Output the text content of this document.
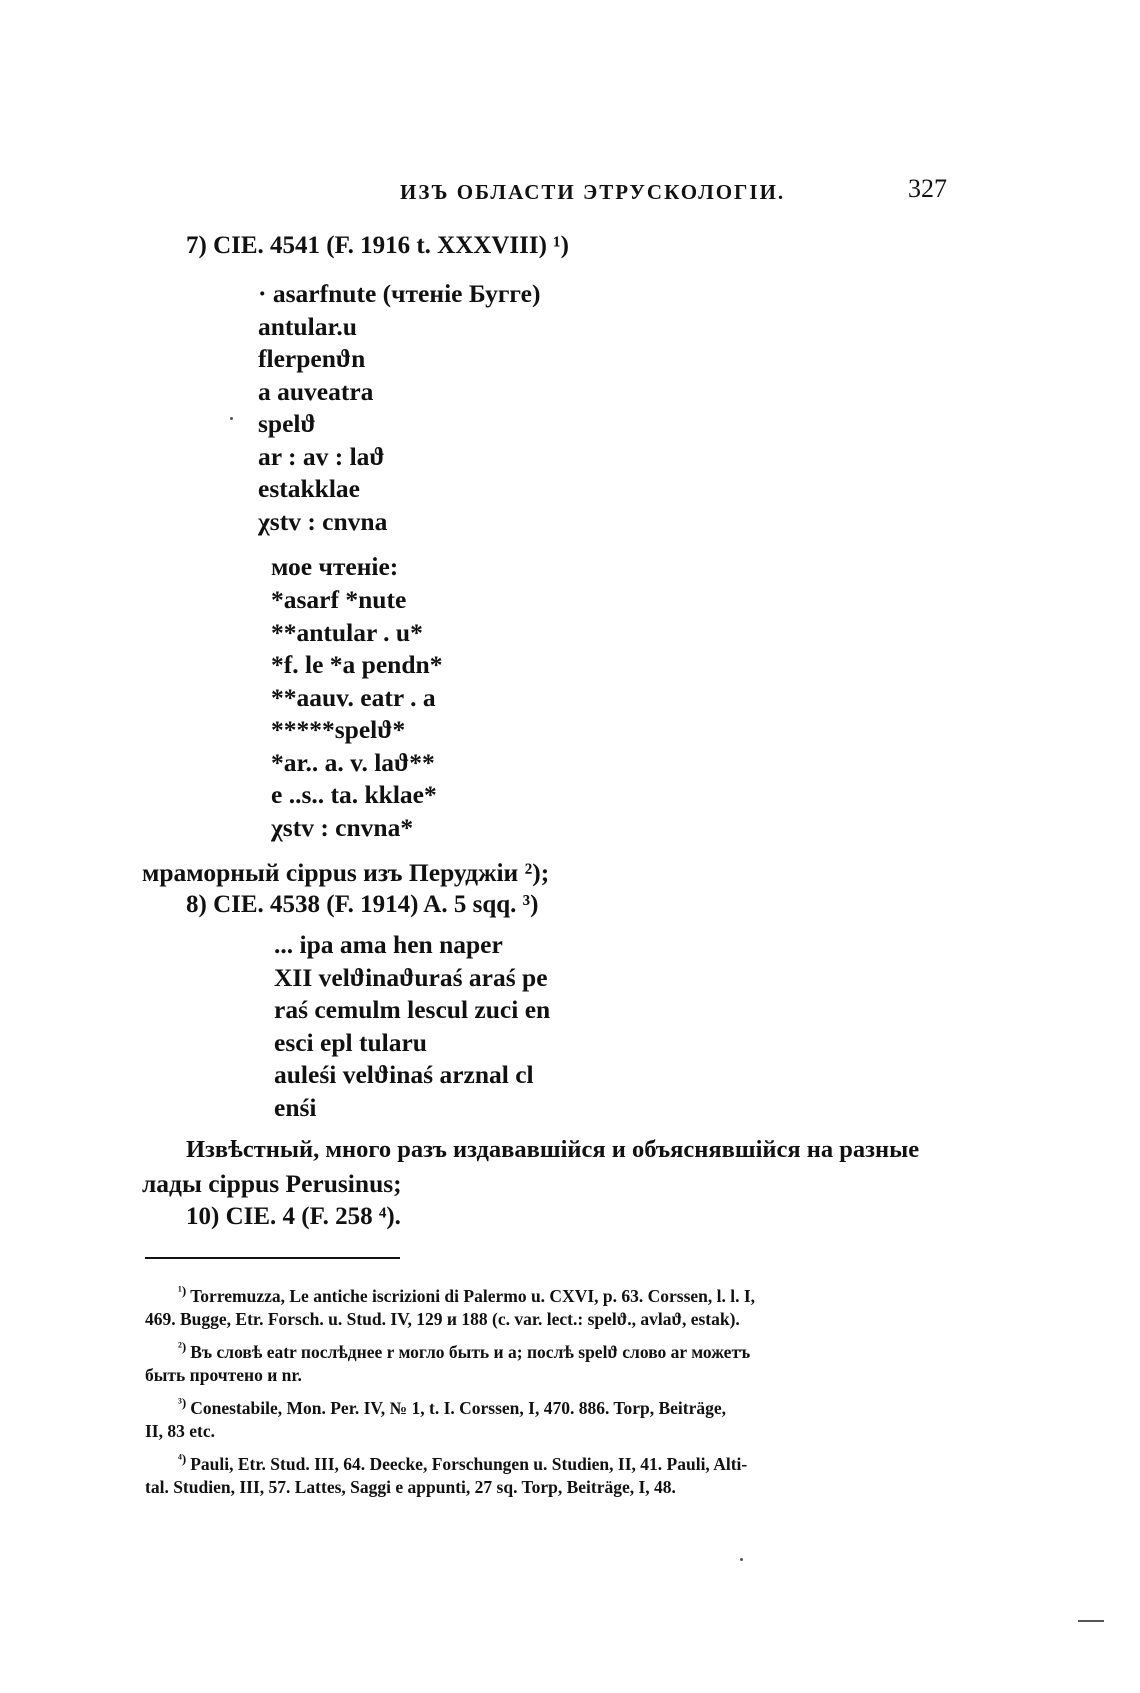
ИЗЪ ОБЛАСТИ ЭТРУСКОЛОГІИ.	327
7) CIE. 4541 (F. 1916 t. XXXVIII) ¹)
· asarfnute (чтеніе Бугге)
antular.u
flerpenϑn
a auveatra
spelϑ
ar : av : laϑ
estakklae
χstv : cnvna
мое чтеніе:
*asarf *nute
**antular . u*
*f. le *a pendn*
**aauv. eatr . a
*****spelϑ*
*ar.. a. v. laϑ**
e ..s.. ta. kklae*
χstv : cnvna*
мраморный cippus изъ Перуджіи ²);
8) CIE. 4538 (F. 1914) A. 5 sqq. ³)
... ipa ama hen naper
XII velϑinaϑuraś araś pe
raś cemulm lescul zuci en
esci epl tularu
auleśi velϑinaś arznal cl
enśi
Извѣстный, много разъ издававшійся и объяснявшійся на разные
лады cippus Perusinus;
10) CIE. 4 (F. 258 ⁴).
$^{^1)}$ Torremuzza, Le antiche iscrizioni di Palermo u. CXVI, p. 63. Corssen, l. l. I,
469. Bugge, Etr. Forsch. u. Stud. IV, 129 и 188 (c. var. lect.: spelϑ., avlaϑ, estak).
$^{^2)}$ Въ словѣ eatr послѣднее r могло быть и a; послѣ spelϑ слово ar можетъ
быть прочтено и nr.
$^{^3)}$ Conestabile, Mon. Per. IV, № 1, t. I. Corssen, I, 470. 886. Torp, Beiträge,
II, 83 etc.
$^{^4)}$ Pauli, Etr. Stud. III, 64. Deecke, Forschungen u. Studien, II, 41. Pauli, Alti-
tal. Studien, III, 57. Lattes, Saggi e appunti, 27 sq. Torp, Beiträge, I, 48.
